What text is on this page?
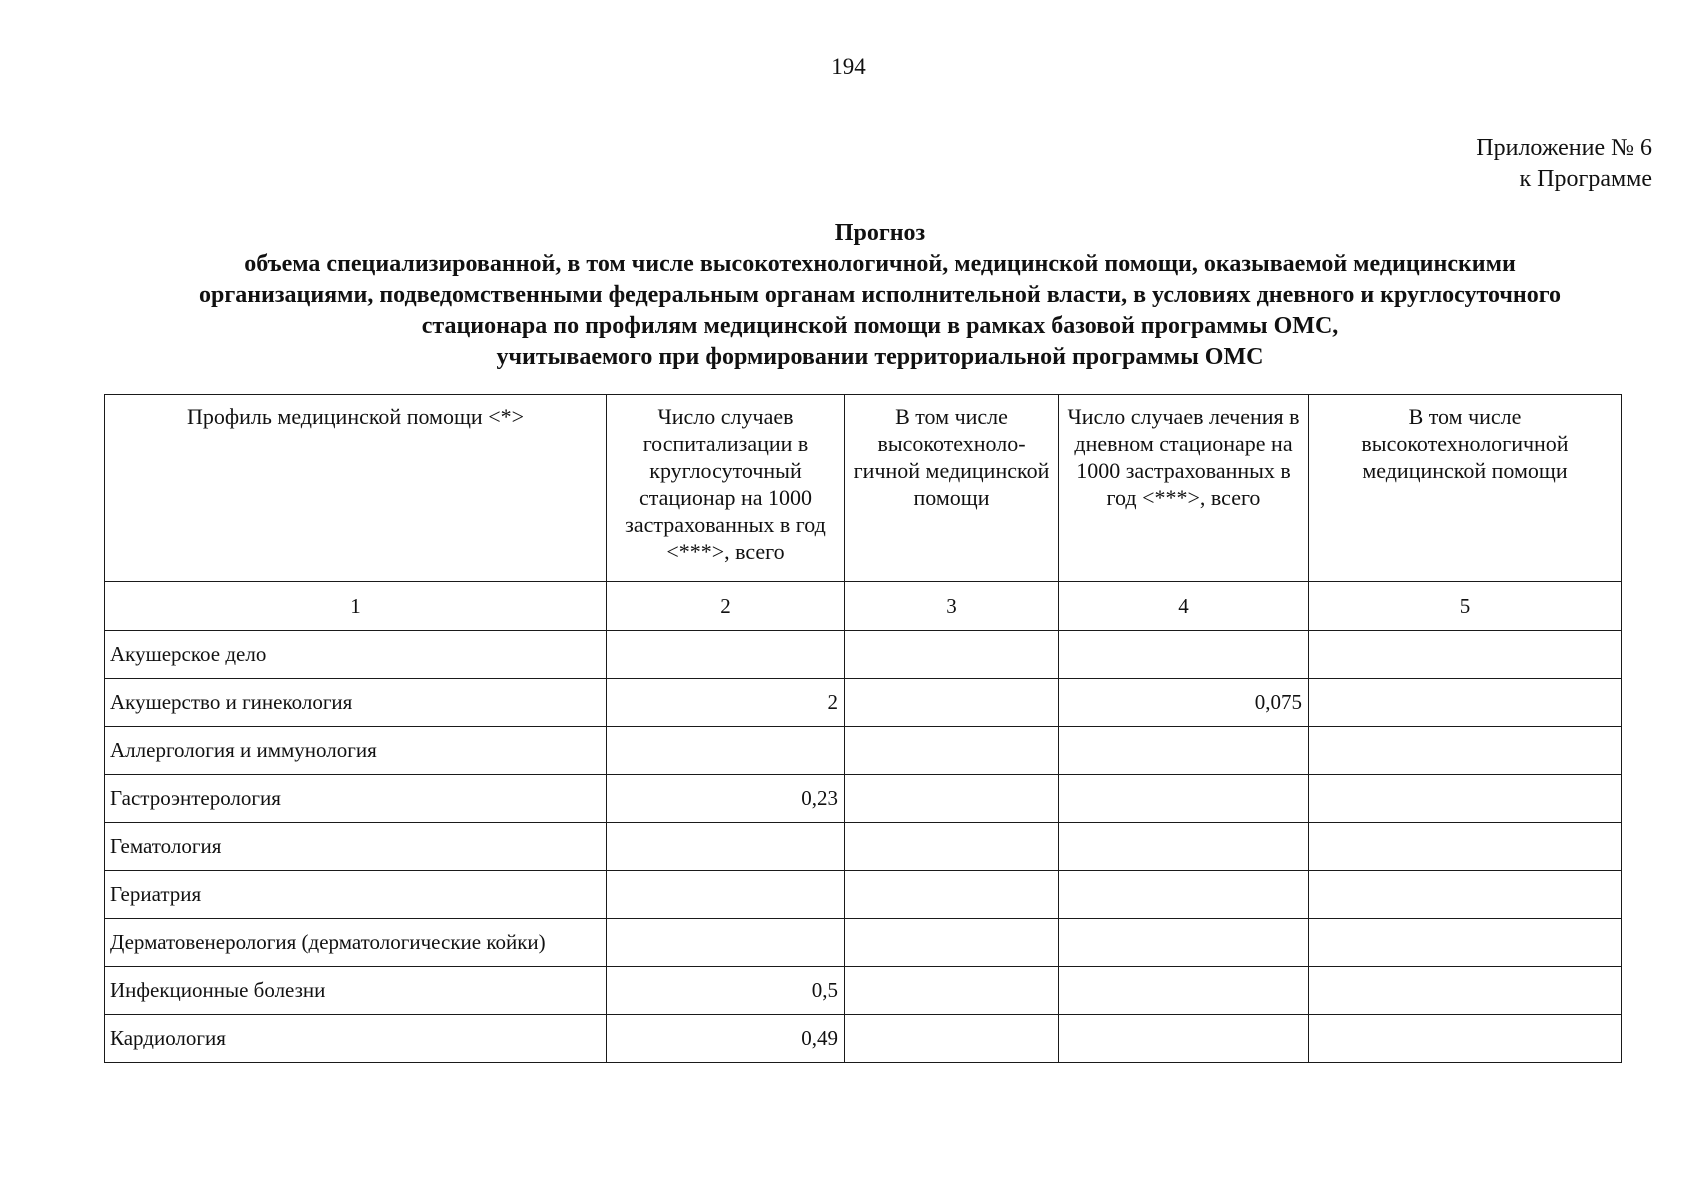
194
Приложение № 6
к Программе
Прогноз
объема специализированной, в том числе высокотехнологичной, медицинской помощи, оказываемой медицинскими
организациями, подведомственными федеральным органам исполнительной власти, в условиях дневного и круглосуточного
стационара по профилям медицинской помощи в рамках базовой программы ОМС,
учитываемого при формировании территориальной программы ОМС
Профиль медицинской помощи <*>	Число случаев госпитализации в круглосуточный стационар на 1000 застрахованных в год <***>, всего	В том числе высокотехноло-гичной медицинской помощи	Число случаев лечения в дневном стационаре на 1000 застрахованных в год <***>, всего	В том числе высокотехнологичной медицинской помощи
1	2	3	4	5
Акушерское дело				
Акушерство и гинекология	2		0,075	
Аллергология и иммунология				
Гастроэнтерология	0,23			
Гематология				
Гериатрия				
Дерматовенерология (дерматологические койки)				
Инфекционные болезни	0,5			
Кардиология	0,49			
